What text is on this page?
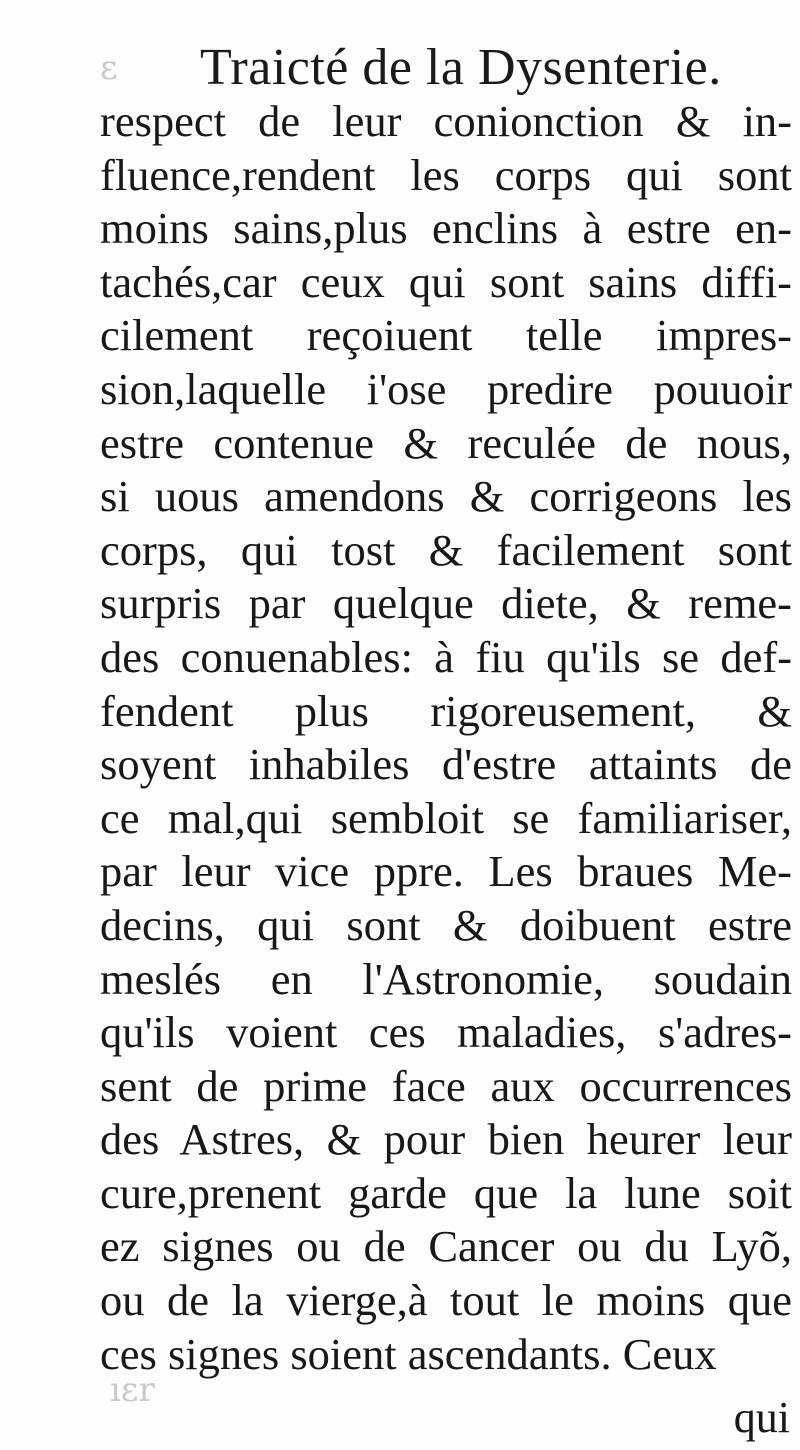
ɛ
ıɛr
Traicté de la Dysenterie.
respect de leur conionction & in-
fluence,rendent les corps qui sont
moins sains,plus enclins à estre en-
tachés,car ceux qui sont sains diffi-
cilement reçoiuent telle impres-
sion,laquelle i'ose predire pouuoir
estre contenue & reculée de nous,
si uous amendons & corrigeons les
corps, qui tost & facilement sont
surpris par quelque diete, & reme-
des conuenables: à fiu qu'ils se def-
fendent plus rigoreusement, &
soyent inhabiles d'estre attaints de
ce mal,qui sembloit se familiariser,
par leur vice ppre. Les braues Me-
decins, qui sont & doibuent estre
meslés en l'Astronomie, soudain
qu'ils voient ces maladies, s'adres-
sent de prime face aux occurrences
des Astres, & pour bien heurer leur
cure,prenent garde que la lune soit
ez signes ou de Cancer ou du Lyõ,
ou de la vierge,à tout le moins que
ces signes soient ascendants. Ceux
qui
